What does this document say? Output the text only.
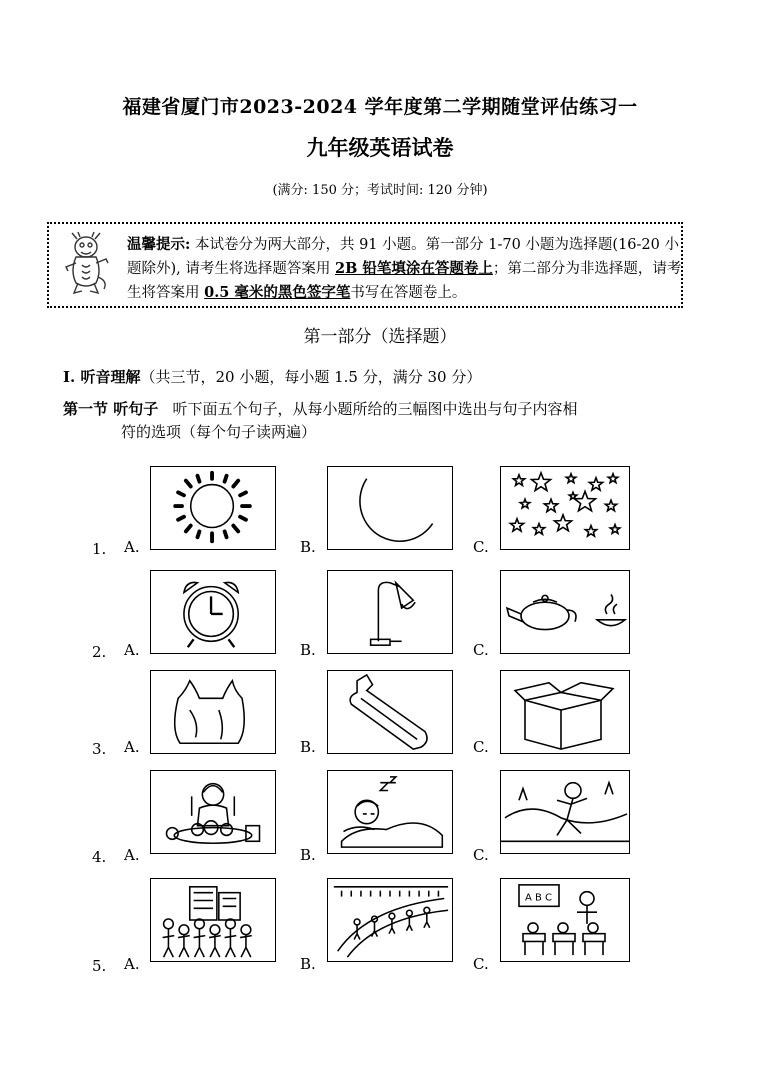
福建省厦门市2023-2024 学年度第二学期随堂评估练习一
九年级英语试卷
(满分: 150 分；考试时间: 120 分钟)
温馨提示: 本试卷分为两大部分，共 91 小题。第一部分 1-70 小题为选择题(16-20 小题除外), 请考生将选择题答案用 2B 铅笔填涂在答题卷上；第二部分为非选择题，请考生将答案用 0.5 毫米的黑色签字笔书写在答题卷上。
第一部分（选择题）
I. 听音理解（共三节，20 小题，每小题 1.5 分，满分 30 分）
第一节 听句子 听下面五个句子，从每小题所给的三幅图中选出与句子内容相
符的选项（每个句子读两遍）
1. A.	B.	C.
2. A.	B.	C.
3. A.	B.	C.
4. A.	B.	C.
5. A.	B.	C.
A B C
